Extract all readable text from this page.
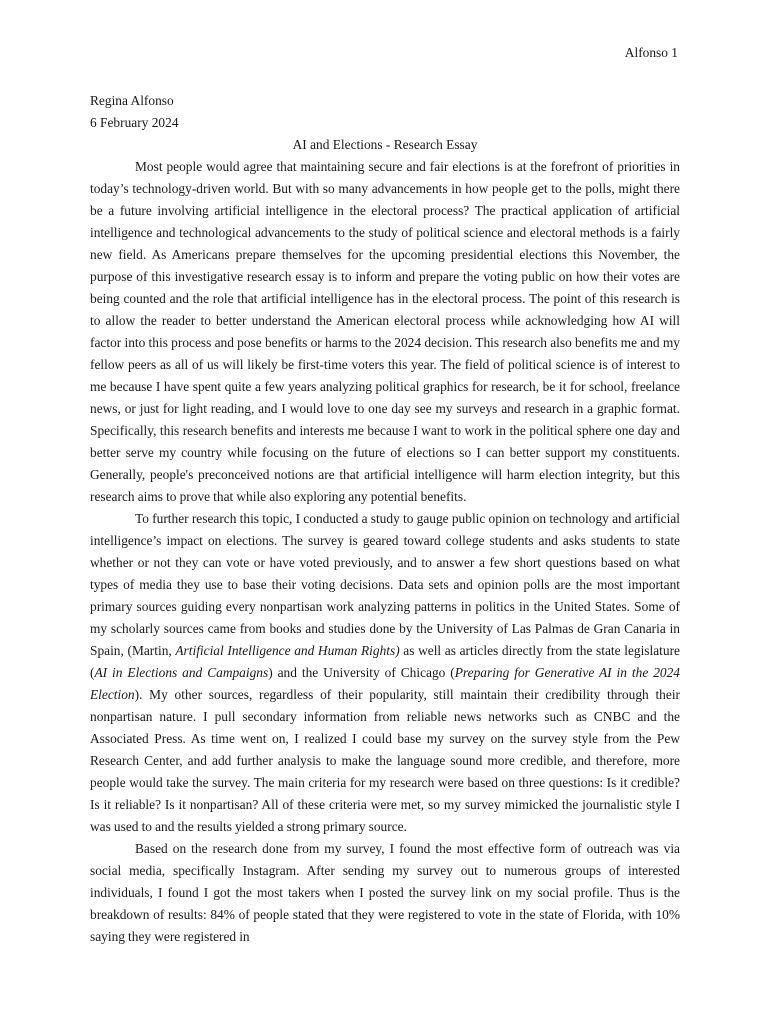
Alfonso 1

Regina Alfonso

6 February 2024

AI and Elections - Research Essay

Most people would agree that maintaining secure and fair elections is at the forefront of priorities in today’s technology-driven world. But with so many advancements in how people get to the polls, might there be a future involving artificial intelligence in the electoral process? The practical application of artificial intelligence and technological advancements to the study of political science and electoral methods is a fairly new field. As Americans prepare themselves for the upcoming presidential elections this November, the purpose of this investigative research essay is to inform and prepare the voting public on how their votes are being counted and the role that artificial intelligence has in the electoral process. The point of this research is to allow the reader to better understand the American electoral process while acknowledging how AI will factor into this process and pose benefits or harms to the 2024 decision. This research also benefits me and my fellow peers as all of us will likely be first-time voters this year. The field of political science is of interest to me because I have spent quite a few years analyzing political graphics for research, be it for school, freelance news, or just for light reading, and I would love to one day see my surveys and research in a graphic format. Specifically, this research benefits and interests me because I want to work in the political sphere one day and better serve my country while focusing on the future of elections so I can better support my constituents. Generally, people's preconceived notions are that artificial intelligence will harm election integrity, but this research aims to prove that while also exploring any potential benefits.

To further research this topic, I conducted a study to gauge public opinion on technology and artificial intelligence’s impact on elections. The survey is geared toward college students and asks students to state whether or not they can vote or have voted previously, and to answer a few short questions based on what types of media they use to base their voting decisions. Data sets and opinion polls are the most important primary sources guiding every nonpartisan work analyzing patterns in politics in the United States. Some of my scholarly sources came from books and studies done by the University of Las Palmas de Gran Canaria in Spain, (Martin, Artificial Intelligence and Human Rights) as well as articles directly from the state legislature (AI in Elections and Campaigns) and the University of Chicago (Preparing for Generative AI in the 2024 Election). My other sources, regardless of their popularity, still maintain their credibility through their nonpartisan nature. I pull secondary information from reliable news networks such as CNBC and the Associated Press. As time went on, I realized I could base my survey on the survey style from the Pew Research Center, and add further analysis to make the language sound more credible, and therefore, more people would take the survey. The main criteria for my research were based on three questions: Is it credible? Is it reliable? Is it nonpartisan? All of these criteria were met, so my survey mimicked the journalistic style I was used to and the results yielded a strong primary source.

Based on the research done from my survey, I found the most effective form of outreach was via social media, specifically Instagram. After sending my survey out to numerous groups of interested individuals, I found I got the most takers when I posted the survey link on my social profile. Thus is the breakdown of results: 84% of people stated that they were registered to vote in the state of Florida, with 10% saying they were registered in
